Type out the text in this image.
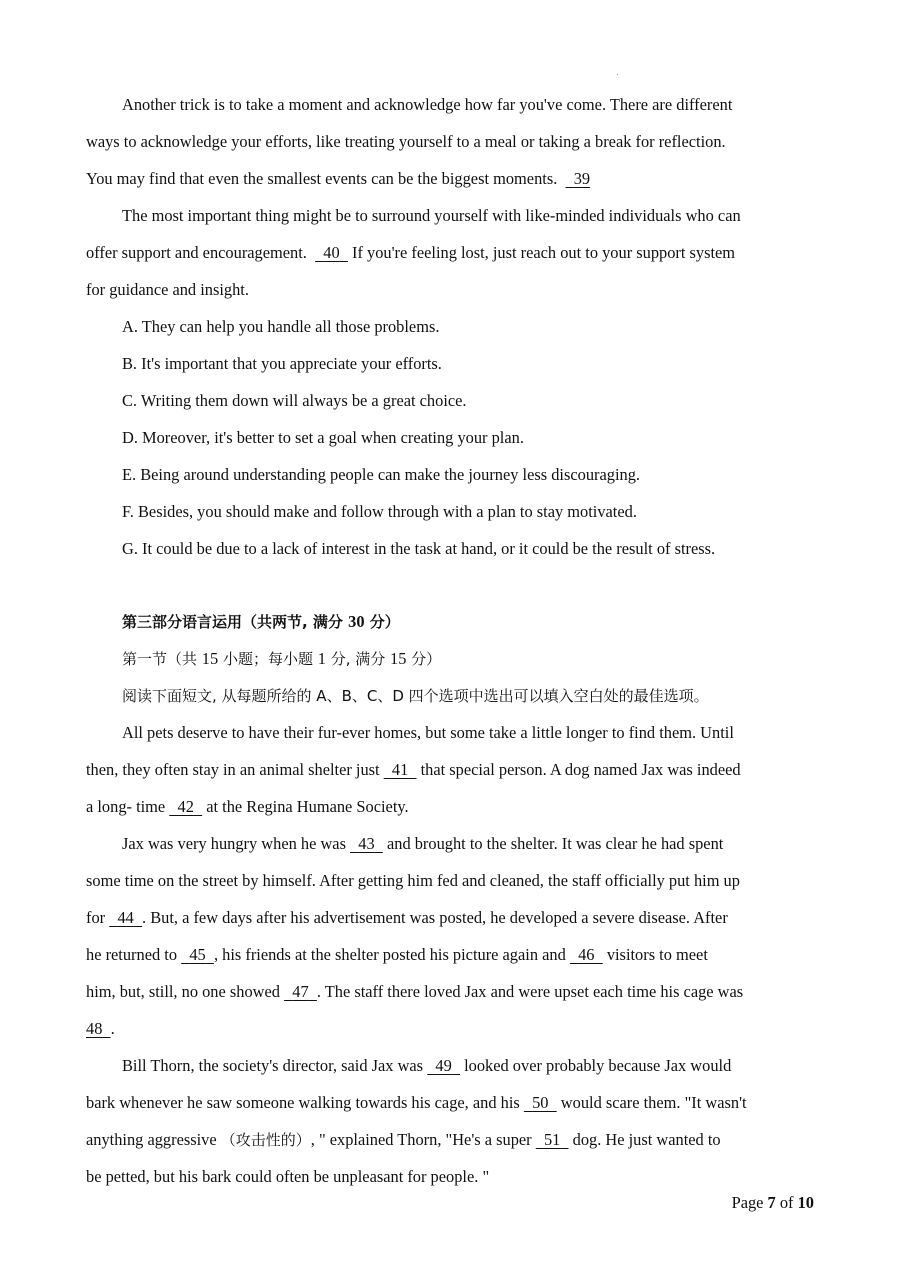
Another trick is to take a moment and acknowledge how far you've come. There are different
ways to acknowledge your efforts, like treating yourself to a meal or taking a break for reflection.
You may find that even the smallest events can be the biggest moments. 39
The most important thing might be to surround yourself with like-minded individuals who can
offer support and encouragement. 40 If you're feeling lost, just reach out to your support system
for guidance and insight.
A. They can help you handle all those problems.
B. It's important that you appreciate your efforts.
C. Writing them down will always be a great choice.
D. Moreover, it's better to set a goal when creating your plan.
E. Being around understanding people can make the journey less discouraging.
F. Besides, you should make and follow through with a plan to stay motivated.
G. It could be due to a lack of interest in the task at hand, or it could be the result of stress.
第三部分语言运用（共两节, 满分 30 分）
第一节（共 15 小题；每小题 1 分, 满分 15 分）
阅读下面短文, 从每题所给的 A、B、C、D 四个选项中选出可以填入空白处的最佳选项。
All pets deserve to have their fur-ever homes, but some take a little longer to find them. Until
then, they often stay in an animal shelter just 41 that special person. A dog named Jax was indeed
a long- time 42 at the Regina Humane Society.
Jax was very hungry when he was 43 and brought to the shelter. It was clear he had spent
some time on the street by himself. After getting him fed and cleaned, the staff officially put him up
for 44 . But, a few days after his advertisement was posted, he developed a severe disease. After
he returned to 45 , his friends at the shelter posted his picture again and 46 visitors to meet
him, but, still, no one showed 47 . The staff there loved Jax and were upset each time his cage was
48 .
Bill Thorn, the society's director, said Jax was 49 looked over probably because Jax would
bark whenever he saw someone walking towards his cage, and his 50 would scare them. "It wasn't
anything aggressive （攻击性的）, " explained Thorn, "He's a super 51 dog. He just wanted to
be petted, but his bark could often be unpleasant for people. "
Page 7 of 10
